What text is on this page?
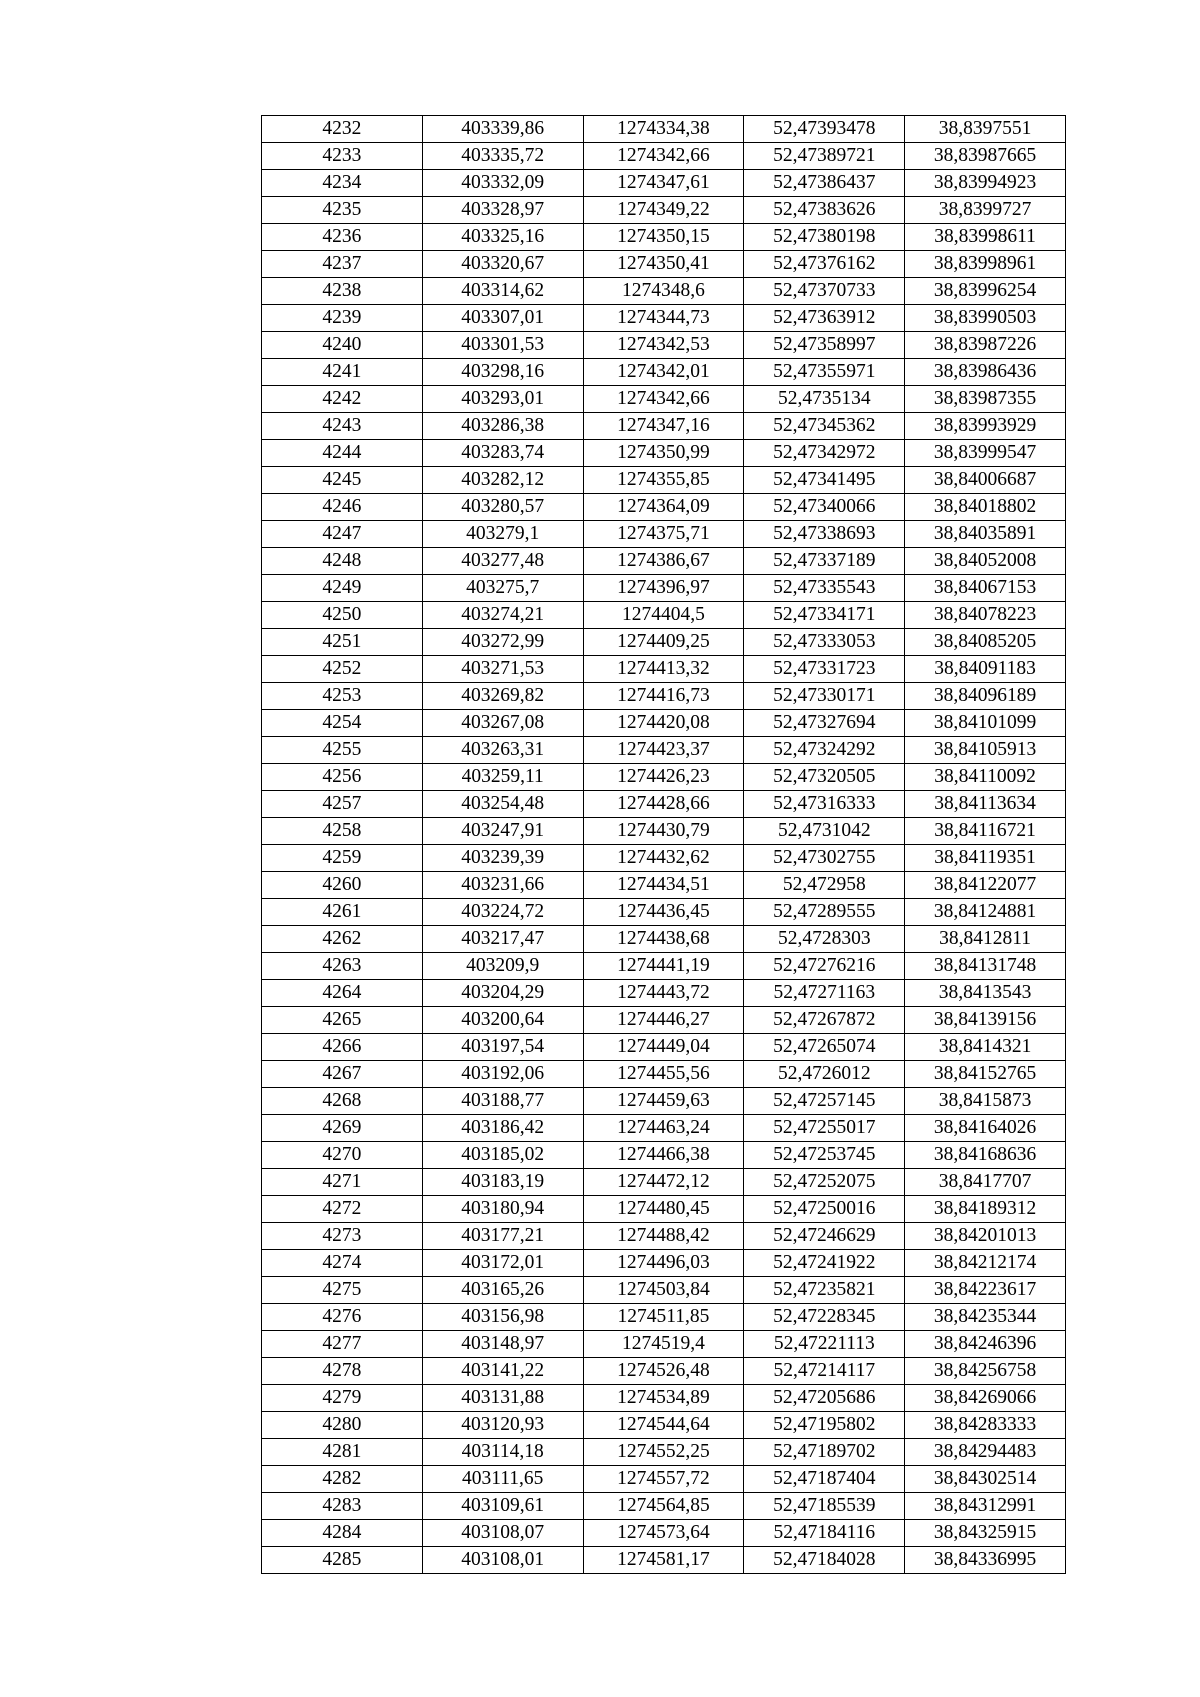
4232	403339,86	1274334,38	52,47393478	38,8397551
4233	403335,72	1274342,66	52,47389721	38,83987665
4234	403332,09	1274347,61	52,47386437	38,83994923
4235	403328,97	1274349,22	52,47383626	38,8399727
4236	403325,16	1274350,15	52,47380198	38,83998611
4237	403320,67	1274350,41	52,47376162	38,83998961
4238	403314,62	1274348,6	52,47370733	38,83996254
4239	403307,01	1274344,73	52,47363912	38,83990503
4240	403301,53	1274342,53	52,47358997	38,83987226
4241	403298,16	1274342,01	52,47355971	38,83986436
4242	403293,01	1274342,66	52,4735134	38,83987355
4243	403286,38	1274347,16	52,47345362	38,83993929
4244	403283,74	1274350,99	52,47342972	38,83999547
4245	403282,12	1274355,85	52,47341495	38,84006687
4246	403280,57	1274364,09	52,47340066	38,84018802
4247	403279,1	1274375,71	52,47338693	38,84035891
4248	403277,48	1274386,67	52,47337189	38,84052008
4249	403275,7	1274396,97	52,47335543	38,84067153
4250	403274,21	1274404,5	52,47334171	38,84078223
4251	403272,99	1274409,25	52,47333053	38,84085205
4252	403271,53	1274413,32	52,47331723	38,84091183
4253	403269,82	1274416,73	52,47330171	38,84096189
4254	403267,08	1274420,08	52,47327694	38,84101099
4255	403263,31	1274423,37	52,47324292	38,84105913
4256	403259,11	1274426,23	52,47320505	38,84110092
4257	403254,48	1274428,66	52,47316333	38,84113634
4258	403247,91	1274430,79	52,4731042	38,84116721
4259	403239,39	1274432,62	52,47302755	38,84119351
4260	403231,66	1274434,51	52,472958	38,84122077
4261	403224,72	1274436,45	52,47289555	38,84124881
4262	403217,47	1274438,68	52,4728303	38,8412811
4263	403209,9	1274441,19	52,47276216	38,84131748
4264	403204,29	1274443,72	52,47271163	38,8413543
4265	403200,64	1274446,27	52,47267872	38,84139156
4266	403197,54	1274449,04	52,47265074	38,8414321
4267	403192,06	1274455,56	52,4726012	38,84152765
4268	403188,77	1274459,63	52,47257145	38,8415873
4269	403186,42	1274463,24	52,47255017	38,84164026
4270	403185,02	1274466,38	52,47253745	38,84168636
4271	403183,19	1274472,12	52,47252075	38,8417707
4272	403180,94	1274480,45	52,47250016	38,84189312
4273	403177,21	1274488,42	52,47246629	38,84201013
4274	403172,01	1274496,03	52,47241922	38,84212174
4275	403165,26	1274503,84	52,47235821	38,84223617
4276	403156,98	1274511,85	52,47228345	38,84235344
4277	403148,97	1274519,4	52,47221113	38,84246396
4278	403141,22	1274526,48	52,47214117	38,84256758
4279	403131,88	1274534,89	52,47205686	38,84269066
4280	403120,93	1274544,64	52,47195802	38,84283333
4281	403114,18	1274552,25	52,47189702	38,84294483
4282	403111,65	1274557,72	52,47187404	38,84302514
4283	403109,61	1274564,85	52,47185539	38,84312991
4284	403108,07	1274573,64	52,47184116	38,84325915
4285	403108,01	1274581,17	52,47184028	38,84336995
